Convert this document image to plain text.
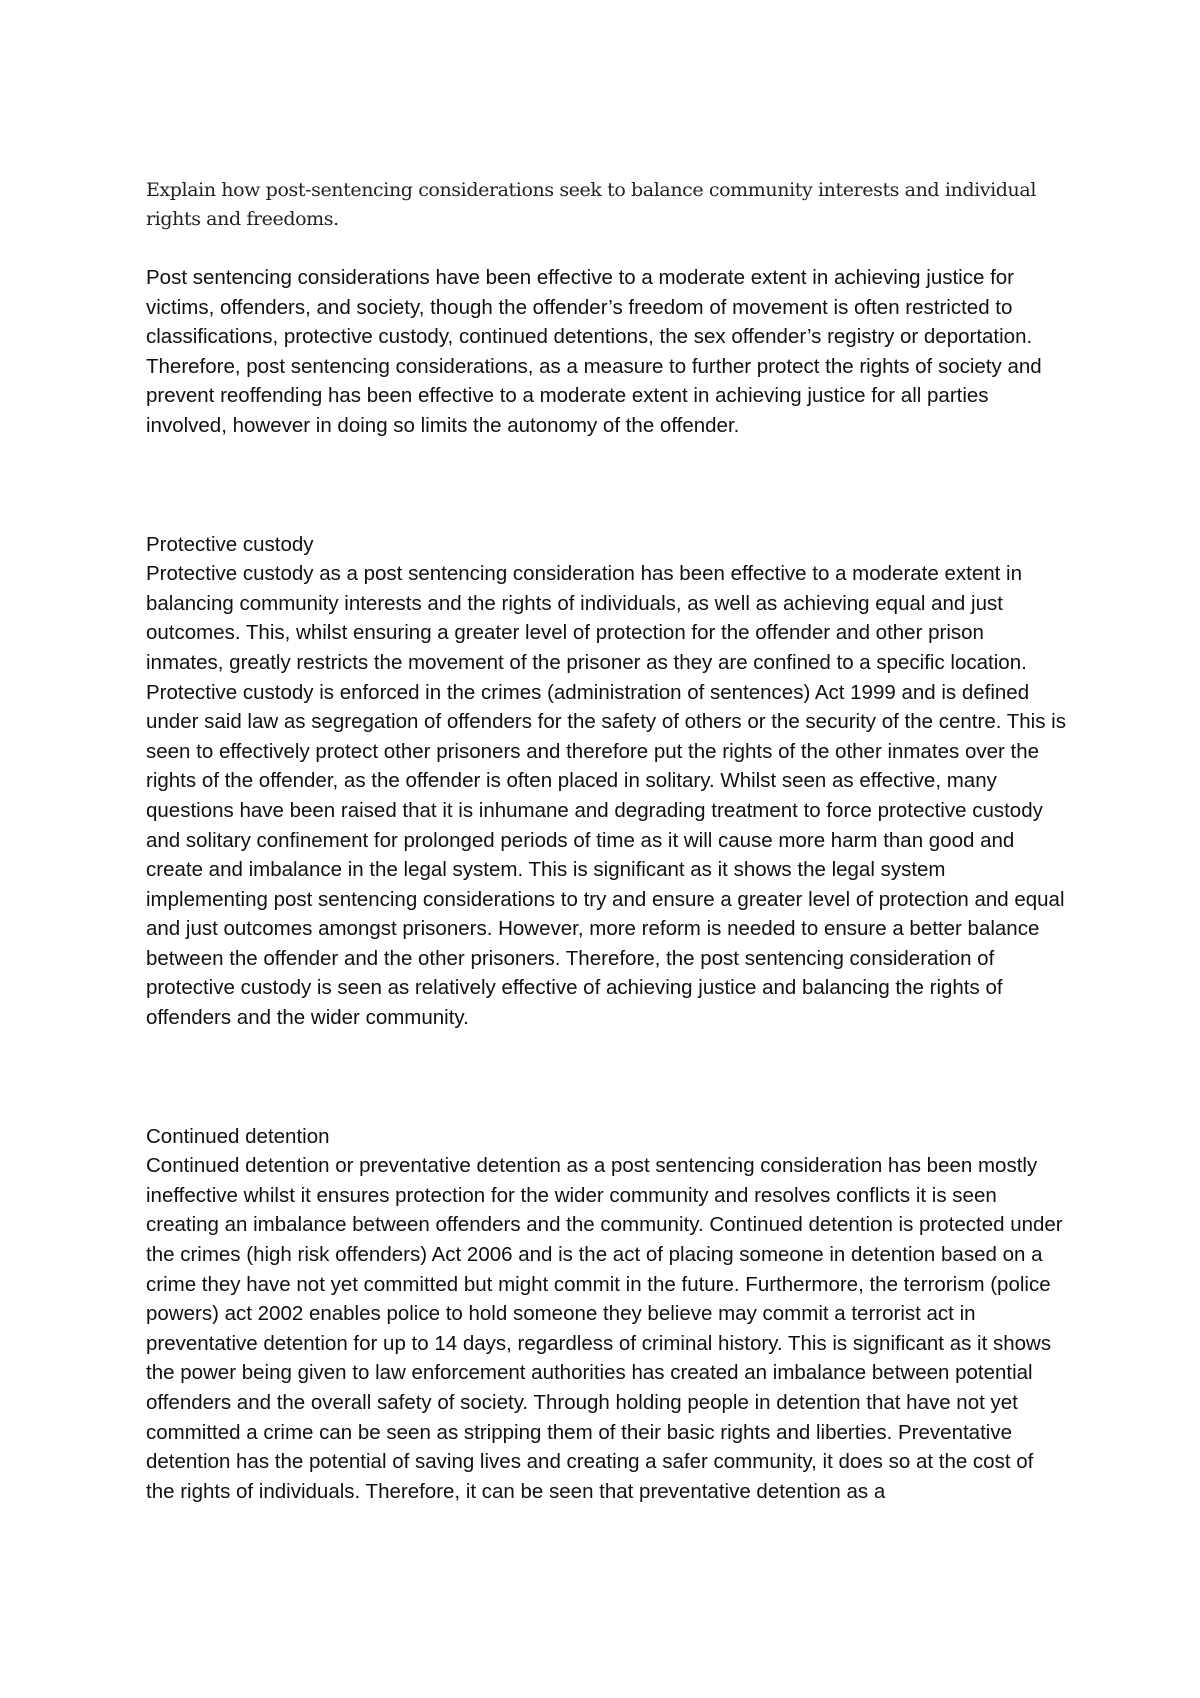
Explain how post-sentencing considerations seek to balance community interests and individual rights and freedoms.

Post sentencing considerations have been effective to a moderate extent in achieving justice for victims, offenders, and society, though the offender’s freedom of movement is often restricted to classifications, protective custody, continued detentions, the sex offender’s registry or deportation. Therefore, post sentencing considerations, as a measure to further protect the rights of society and prevent reoffending has been effective to a moderate extent in achieving justice for all parties involved, however in doing so limits the autonomy of the offender.

Protective custody

Protective custody as a post sentencing consideration has been effective to a moderate extent in balancing community interests and the rights of individuals, as well as achieving equal and just outcomes. This, whilst ensuring a greater level of protection for the offender and other prison inmates, greatly restricts the movement of the prisoner as they are confined to a specific location. Protective custody is enforced in the crimes (administration of sentences) Act 1999 and is defined under said law as segregation of offenders for the safety of others or the security of the centre. This is seen to effectively protect other prisoners and therefore put the rights of the other inmates over the rights of the offender, as the offender is often placed in solitary. Whilst seen as effective, many questions have been raised that it is inhumane and degrading treatment to force protective custody and solitary confinement for prolonged periods of time as it will cause more harm than good and create and imbalance in the legal system. This is significant as it shows the legal system implementing post sentencing considerations to try and ensure a greater level of protection and equal and just outcomes amongst prisoners. However, more reform is needed to ensure a better balance between the offender and the other prisoners. Therefore, the post sentencing consideration of protective custody is seen as relatively effective of achieving justice and balancing the rights of offenders and the wider community.

Continued detention

Continued detention or preventative detention as a post sentencing consideration has been mostly ineffective whilst it ensures protection for the wider community and resolves conflicts it is seen creating an imbalance between offenders and the community. Continued detention is protected under the crimes (high risk offenders) Act 2006 and is the act of placing someone in detention based on a crime they have not yet committed but might commit in the future. Furthermore, the terrorism (police powers) act 2002 enables police to hold someone they believe may commit a terrorist act in preventative detention for up to 14 days, regardless of criminal history. This is significant as it shows the power being given to law enforcement authorities has created an imbalance between potential offenders and the overall safety of society. Through holding people in detention that have not yet committed a crime can be seen as stripping them of their basic rights and liberties. Preventative detention has the potential of saving lives and creating a safer community, it does so at the cost of the rights of individuals. Therefore, it can be seen that preventative detention as a
